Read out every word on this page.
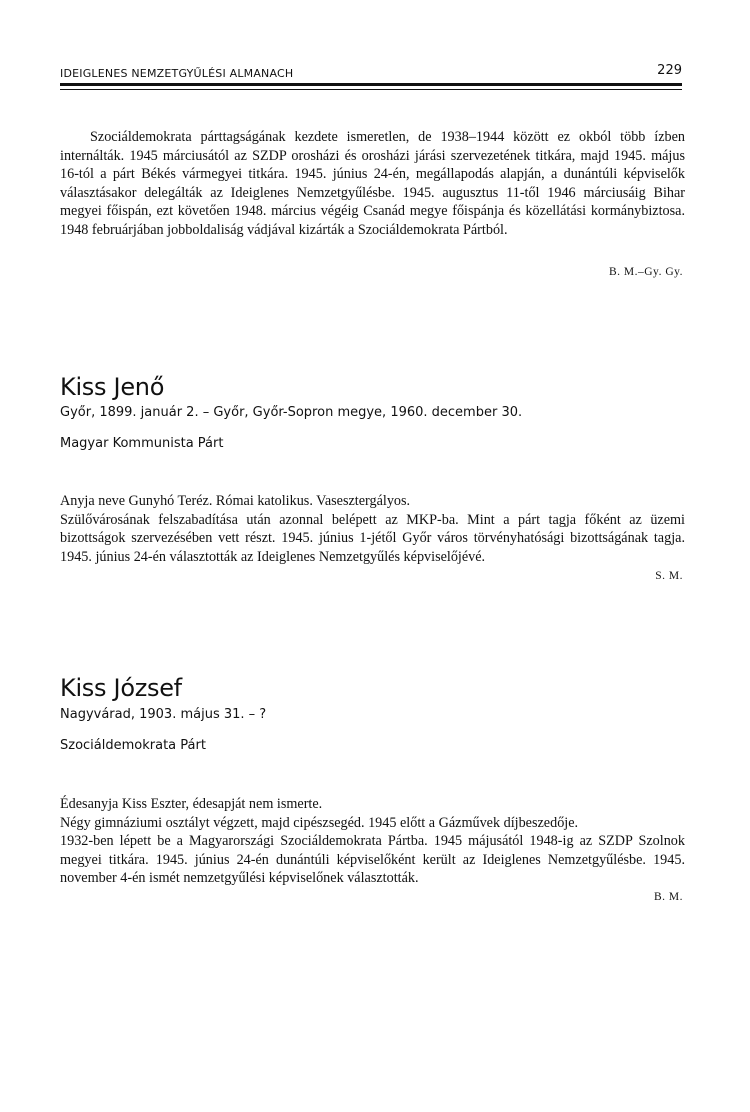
IDEIGLENES NEMZETGYŰLÉSI ALMANACH	229

Szociáldemokrata párttagságának kezdete ismeretlen, de 1938–1944 között ez okból több ízben internálták. 1945 márciusától az SZDP orosházi és orosházi járási szervezetének titkára, majd 1945. május 16-tól a párt Békés vármegyei titkára. 1945. június 24-én, megállapodás alapján, a dunántúli képviselők választásakor delegálták az Ideiglenes Nemzetgyűlésbe. 1945. augusztus 11-től 1946 márciusáig Bihar megyei főispán, ezt követően 1948. március végéig Csanád megye főispánja és közellátási kormánybiztosa. 1948 februárjában jobboldaliság vádjával kizárták a Szociáldemokrata Pártból.

B. M.–Gy. Gy.
Kiss Jenő
Győr, 1899. január 2. – Győr, Győr-Sopron megye, 1960. december 30.
Magyar Kommunista Párt

Anyja neve Gunyhó Teréz. Római katolikus. Vasesztergályos.

Szülővárosának felszabadítása után azonnal belépett az MKP-ba. Mint a párt tagja főként az üzemi bizottságok szervezésében vett részt. 1945. június 1-jétől Győr város törvényhatósági bizottságának tagja. 1945. június 24-én választották az Ideiglenes Nemzetgyűlés képviselőjévé.

S. M.
Kiss József
Nagyvárad, 1903. május 31. – ?
Szociáldemokrata Párt

Édesanyja Kiss Eszter, édesapját nem ismerte.

Négy gimnáziumi osztályt végzett, majd cipészsegéd. 1945 előtt a Gázművek díjbeszedője.

1932-ben lépett be a Magyarországi Szociáldemokrata Pártba. 1945 májusától 1948-ig az SZDP Szolnok megyei titkára. 1945. június 24-én dunántúli képviselőként került az Ideiglenes Nemzetgyűlésbe. 1945. november 4-én ismét nemzetgyűlési képviselőnek választották.

B. M.
